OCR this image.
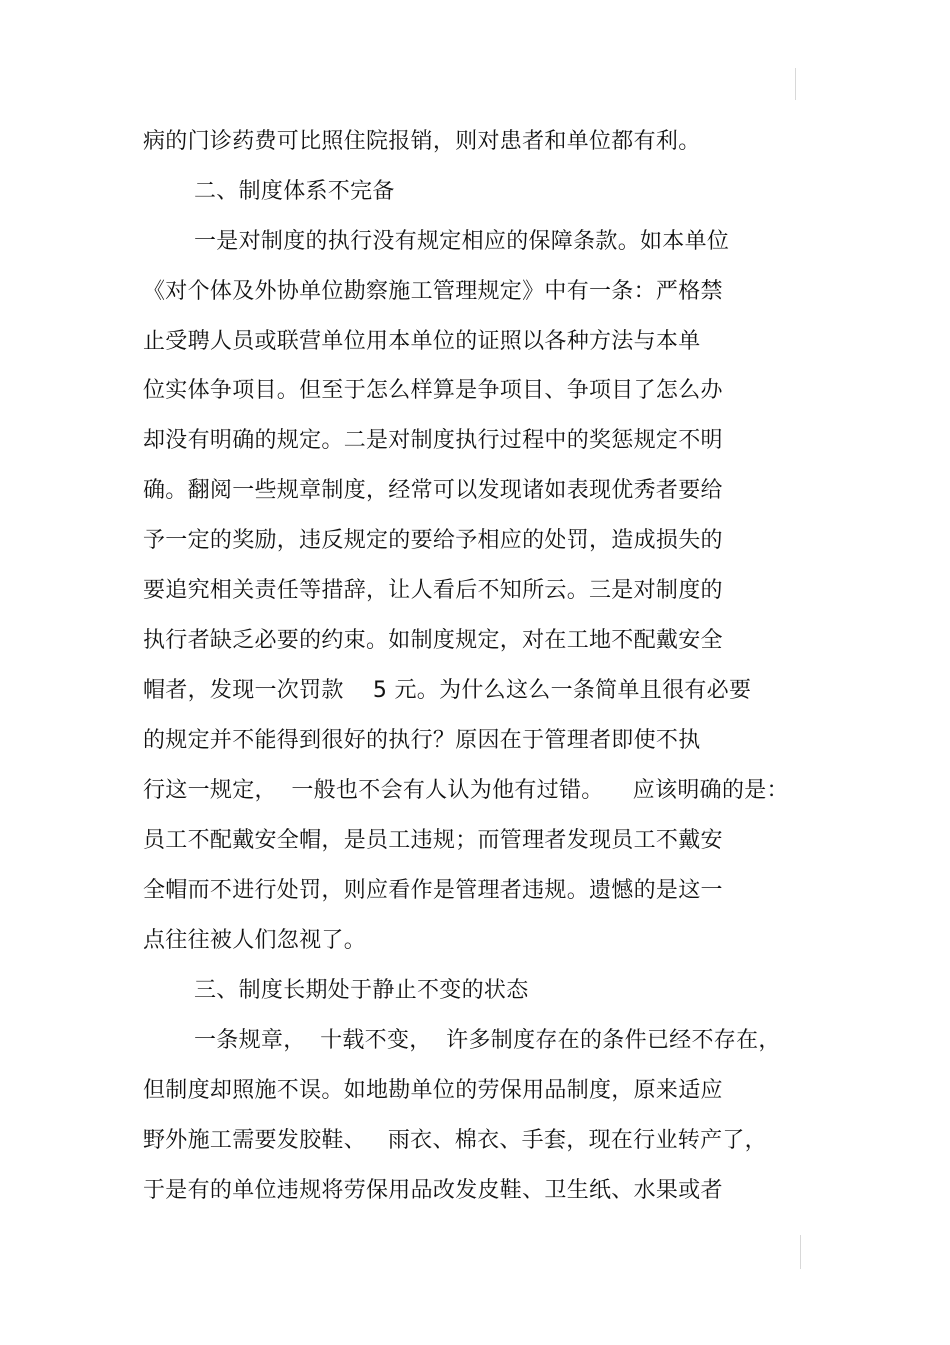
病的门诊药费可比照住院报销，则对患者和单位都有利。
二、制度体系不完备
一是对制度的执行没有规定相应的保障条款。如本单位
《对个体及外协单位勘察施工管理规定》中有一条：严格禁
止受聘人员或联营单位用本单位的证照以各种方法与本单
位实体争项目。但至于怎么样算是争项目、争项目了怎么办
却没有明确的规定。二是对制度执行过程中的奖惩规定不明
确。翻阅一些规章制度，经常可以发现诸如表现优秀者要给
予一定的奖励，违反规定的要给予相应的处罚，造成损失的
要追究相关责任等措辞，让人看后不知所云。三是对制度的
执行者缺乏必要的约束。如制度规定，对在工地不配戴安全
帽者，发现一次罚款    5 元。为什么这么一条简单且很有必要
的规定并不能得到很好的执行？原因在于管理者即使不执
行这一规定，  一般也不会有人认为他有过错。    应该明确的是：
员工不配戴安全帽，是员工违规；而管理者发现员工不戴安
全帽而不进行处罚，则应看作是管理者违规。遗憾的是这一
点往往被人们忽视了。
三、制度长期处于静止不变的状态
一条规章，  十载不变，  许多制度存在的条件已经不存在，
但制度却照施不误。如地勘单位的劳保用品制度，原来适应
野外施工需要发胶鞋、   雨衣、棉衣、手套，现在行业转产了，
于是有的单位违规将劳保用品改发皮鞋、卫生纸、水果或者
